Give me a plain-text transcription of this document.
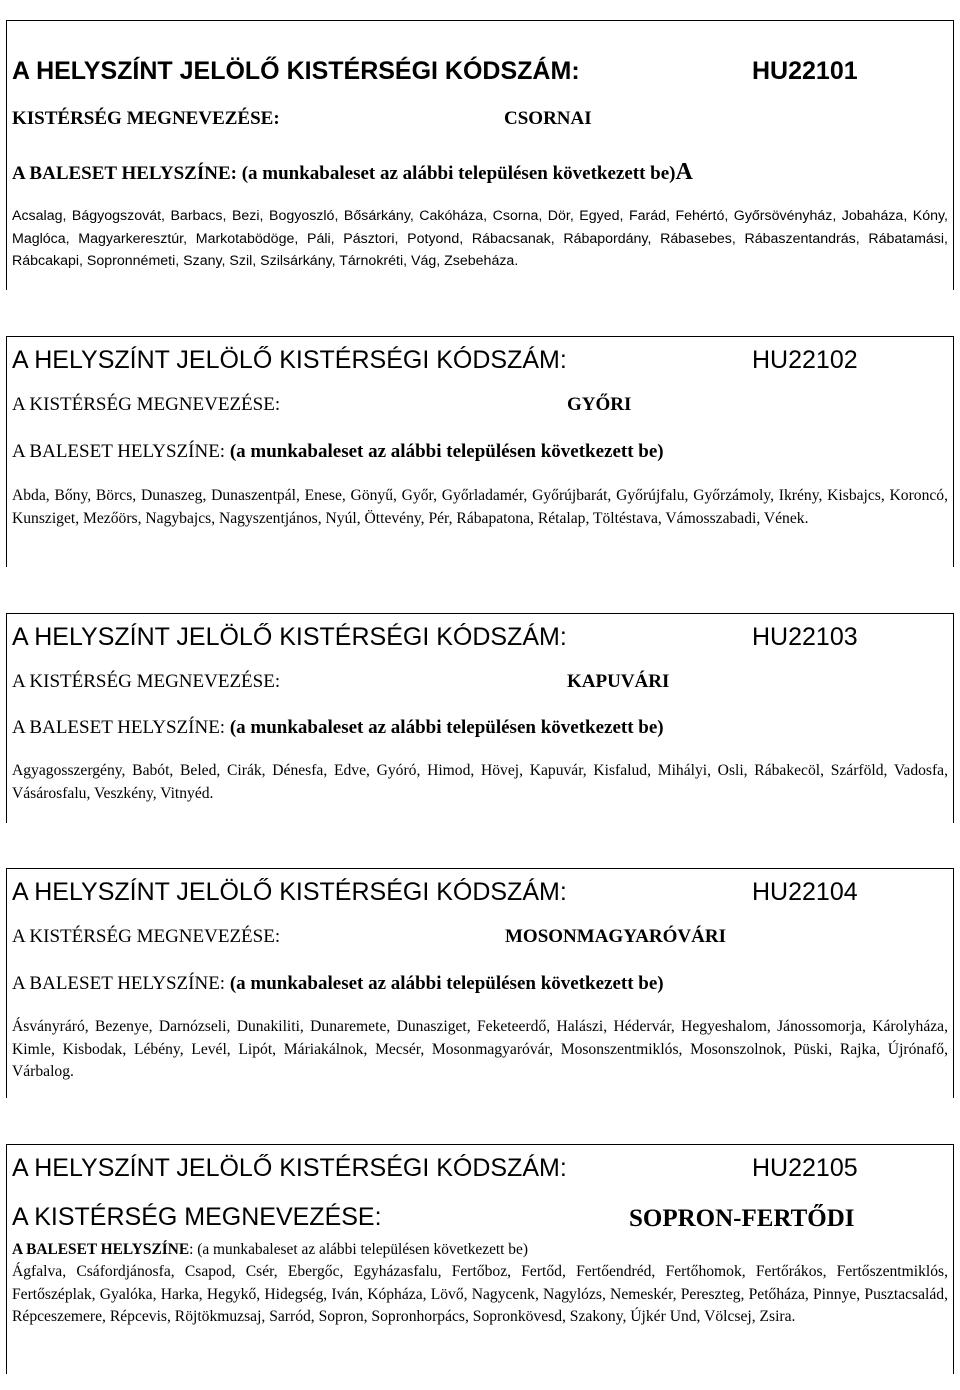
A HELYSZÍNT JELÖLŐ KISTÉRSÉGI KÓDSZÁM:	HU22101
KISTÉRSÉG MEGNEVEZÉSE:	CSORNAI
A BALESET HELYSZÍNE: (a munkabaleset az alábbi településen következett be)A
Acsalag, Bágyogszovát, Barbacs, Bezi, Bogyoszló, Bősárkány, Cakóháza, Csorna, Dör, Egyed, Farád, Fehértó, Győrsövényház, Jobaháza, Kóny, Maglóca, Magyarkeresztúr, Markotabödöge, Páli, Pásztori, Potyond, Rábacsanak, Rábapordány, Rábasebes, Rábaszentandrás, Rábatamási, Rábcakapi, Sopronnémeti, Szany, Szil, Szilsárkány, Tárnokréti, Vág, Zsebeháza.
A HELYSZÍNT JELÖLŐ KISTÉRSÉGI KÓDSZÁM:	HU22102
A KISTÉRSÉG MEGNEVEZÉSE:	GYŐRI
A BALESET HELYSZÍNE: (a munkabaleset az alábbi településen következett be)
Abda, Bőny, Börcs, Dunaszeg, Dunaszentpál, Enese, Gönyű, Győr, Győrladamér, Győrújbarát, Győrújfalu, Győrzámoly, Ikrény, Kisbajcs, Koroncó, Kunsziget, Mezőörs, Nagybajcs, Nagyszentjános, Nyúl, Öttevény, Pér, Rábapatona, Rétalap, Töltéstava, Vámosszabadi, Vének.
A HELYSZÍNT JELÖLŐ KISTÉRSÉGI KÓDSZÁM:	HU22103
A KISTÉRSÉG MEGNEVEZÉSE:	KAPUVÁRI
A BALESET HELYSZÍNE: (a munkabaleset az alábbi településen következett be)
Agyagosszergény, Babót, Beled, Cirák, Dénesfa, Edve, Gyóró, Himod, Hövej, Kapuvár, Kisfalud, Mihályi, Osli, Rábakecöl, Szárföld, Vadosfa, Vásárosfalu, Veszkény, Vitnyéd.
A HELYSZÍNT JELÖLŐ KISTÉRSÉGI KÓDSZÁM:	HU22104
A KISTÉRSÉG MEGNEVEZÉSE:	MOSONMAGYARÓVÁRI
A BALESET HELYSZÍNE: (a munkabaleset az alábbi településen következett be)
Ásványráró, Bezenye, Darnózseli, Dunakiliti, Dunaremete, Dunasziget, Feketeerdő, Halászi, Hédervár, Hegyeshalom, Jánossomorja, Károlyháza, Kimle, Kisbodak, Lébény, Levél, Lipót, Máriakálnok, Mecsér, Mosonmagyaróvár, Mosonszentmiklós, Mosonszolnok, Püski, Rajka, Újrónafő, Várbalog.
A HELYSZÍNT JELÖLŐ KISTÉRSÉGI KÓDSZÁM:	HU22105
A KISTÉRSÉG MEGNEVEZÉSE:	SOPRON-FERTŐDI
A BALESET HELYSZÍNE: (a munkabaleset az alábbi településen következett be)
Ágfalva, Csáfordjánosfa, Csapod, Csér, Ebergőc, Egyházasfalu, Fertőboz, Fertőd, Fertőendréd, Fertőhomok, Fertőrákos, Fertőszentmiklós, Fertőszéplak, Gyalóka, Harka, Hegykő, Hidegség, Iván, Kópháza, Lövő, Nagycenk, Nagylózs, Nemeskér, Pereszteg, Petőháza, Pinnye, Pusztacsalád, Répceszemere, Répcevis, Röjtökmuzsaj, Sarród, Sopron, Sopronhorpács, Sopronkövesd, Szakony, Újkér Und, Völcsej, Zsira.
